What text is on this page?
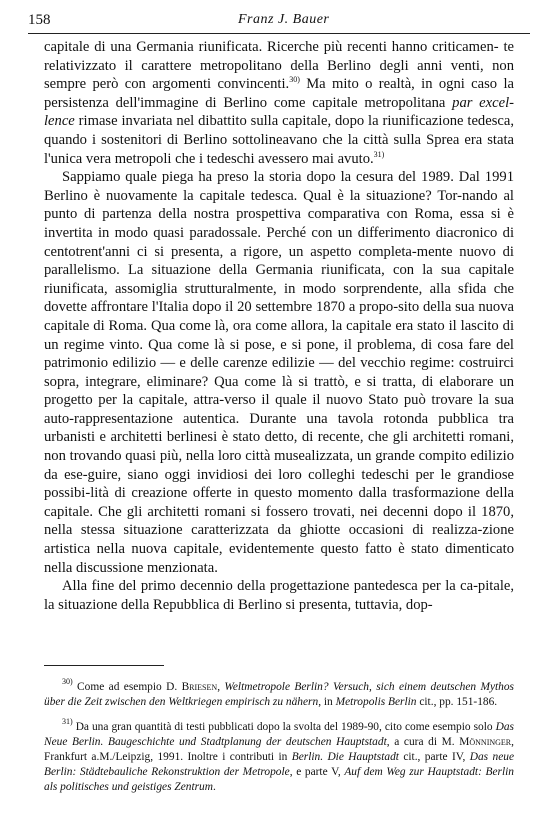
158	Franz J. Bauer

capitale di una Germania riunificata. Ricerche più recenti hanno criticamen- te relativizzato il carattere metropolitano della Berlino degli anni venti, non sempre però con argomenti convincenti.$^{30)}$ Ma mito o realtà, in ogni caso la persistenza dell'immagine di Berlino come capitale metropolitana par excel-lence rimase invariata nel dibattito sulla capitale, dopo la riunificazione tedesca, quando i sostenitori di Berlino sottolineavano che la città sulla Sprea era stata l'unica vera metropoli che i tedeschi avessero mai avuto.$^{31)}$

Sappiamo quale piega ha preso la storia dopo la cesura del 1989. Dal 1991 Berlino è nuovamente la capitale tedesca. Qual è la situazione? Tor-nando al punto di partenza della nostra prospettiva comparativa con Roma, essa si è invertita in modo quasi paradossale. Perché con un differimento diacronico di centotrent'anni ci si presenta, a rigore, un aspetto completa-mente nuovo di parallelismo. La situazione della Germania riunificata, con la sua capitale riunificata, assomiglia strutturalmente, in modo sorprendente, alla sfida che dovette affrontare l'Italia dopo il 20 settembre 1870 a propo-sito della sua nuova capitale di Roma. Qua come là, ora come allora, la capitale era stato il lascito di un regime vinto. Qua come là si pose, e si pone, il problema, di cosa fare del patrimonio edilizio — e delle carenze edilizie — del vecchio regime: costruirci sopra, integrare, eliminare? Qua come là si trattò, e si tratta, di elaborare un progetto per la capitale, attra-verso il quale il nuovo Stato può trovare la sua auto-rappresentazione autentica. Durante una tavola rotonda pubblica tra urbanisti e architetti berlinesi è stato detto, di recente, che gli architetti romani, non trovando quasi più, nella loro città musealizzata, un grande compito edilizio da ese-guire, siano oggi invidiosi dei loro colleghi tedeschi per le grandiose possibi-lità di creazione offerte in questo momento dalla trasformazione della capitale. Che gli architetti romani si fossero trovati, nei decenni dopo il 1870, nella stessa situazione caratterizzata da ghiotte occasioni di realizza-zione artistica nella nuova capitale, evidentemente questo fatto è stato dimenticato nella discussione menzionata.

Alla fine del primo decennio della progettazione pantedesca per la ca-pitale, la situazione della Repubblica di Berlino si presenta, tuttavia, dop-

$^{30)}$ Come ad esempio D. Briesen, Weltmetropole Berlin? Versuch, sich einem deutschen Mythos über die Zeit zwischen den Weltkriegen empirisch zu nähern, in Metropolis Berlin cit., pp. 151-186.

$^{31)}$ Da una gran quantità di testi pubblicati dopo la svolta del 1989-90, cito come esempio solo Das Neue Berlin. Baugeschichte und Stadtplanung der deutschen Hauptstadt, a cura di M. Mönninger, Frankfurt a.M./Leipzig, 1991. Inoltre i contributi in Berlin. Die Hauptstadt cit., parte IV, Das neue Berlin: Städtebauliche Rekonstruktion der Metropole, e parte V, Auf dem Weg zur Hauptstadt: Berlin als politisches und geistiges Zentrum.
